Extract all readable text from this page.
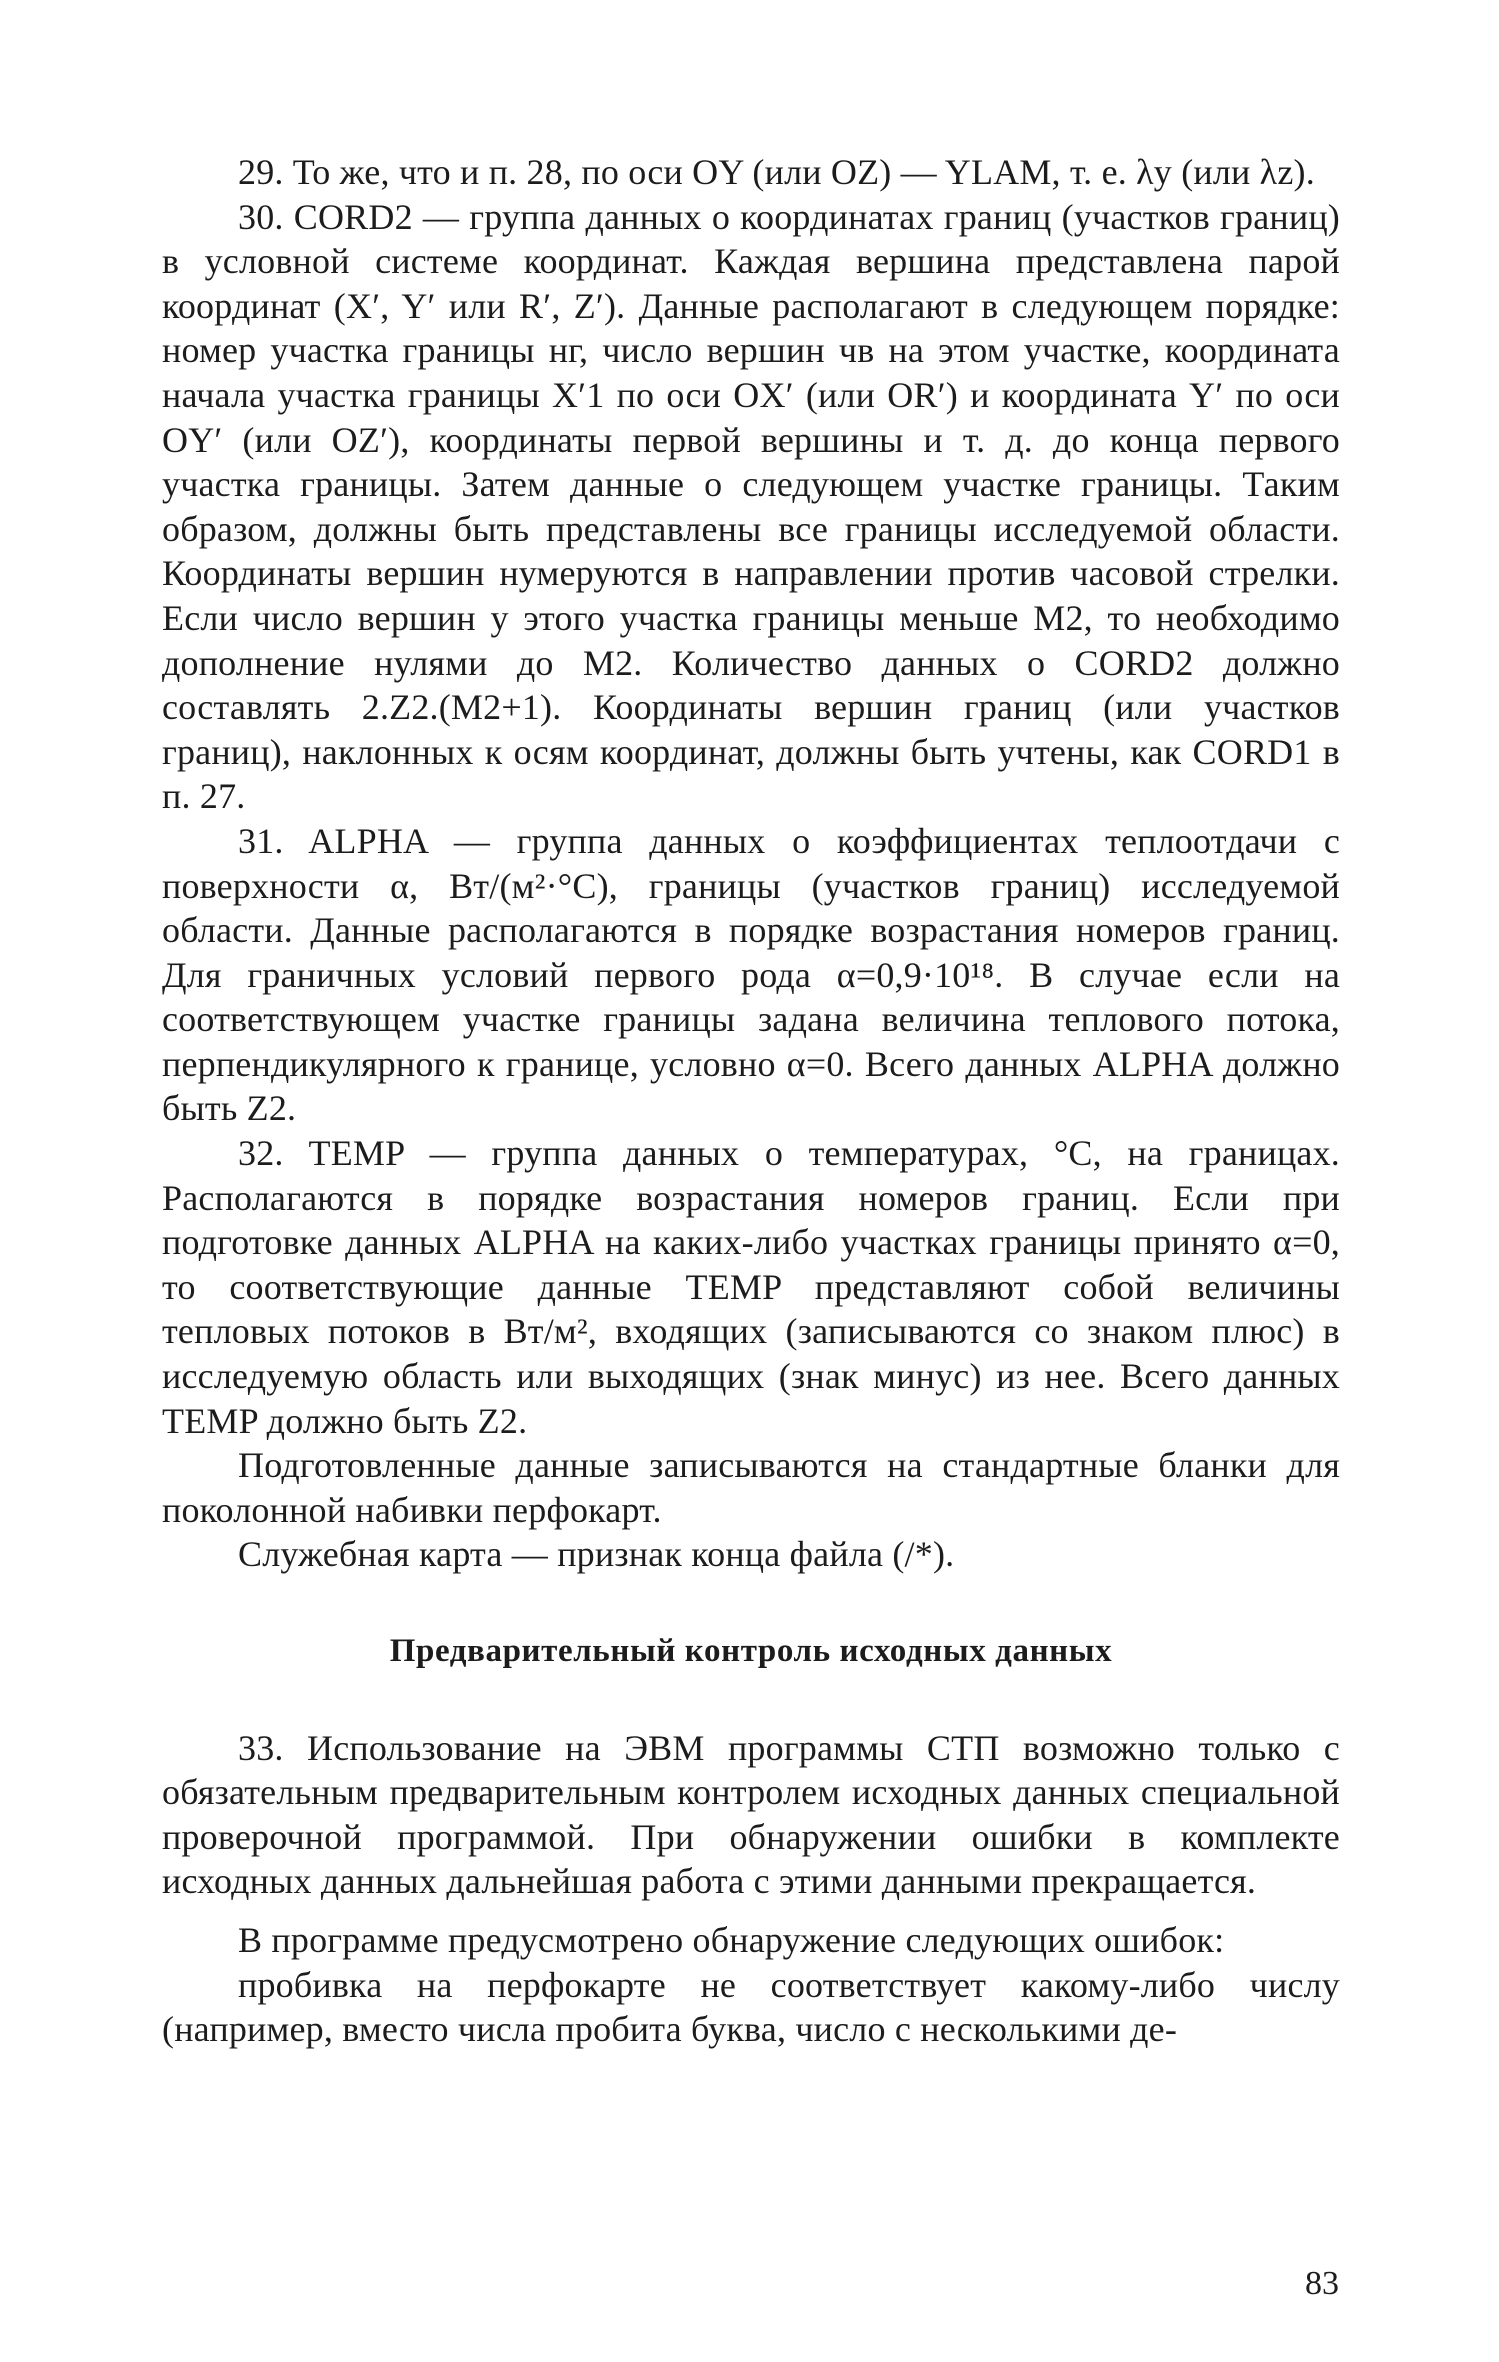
29. То же, что и п. 28, по оси OY (или OZ) — YLAM, т. е. λy (или λz).

30. CORD2 — группа данных о координатах границ (участков границ) в условной системе координат. Каждая вершина представлена парой координат (X′, Y′ или R′, Z′). Данные располагают в следующем порядке: номер участка границы нг, число вершин чв на этом участке, координата начала участка границы X′1 по оси OX′ (или OR′) и координата Y′ по оси OY′ (или OZ′), координаты первой вершины и т. д. до конца первого участка границы. Затем данные о следующем участке границы. Таким образом, должны быть представлены все границы исследуемой области. Координаты вершин нумеруются в направлении против часовой стрелки. Если число вершин у этого участка границы меньше M2, то необходимо дополнение нулями до M2. Количество данных о CORD2 должно составлять 2.Z2.(M2+1). Координаты вершин границ (или участков границ), наклонных к осям координат, должны быть учтены, как CORD1 в п. 27.

31. ALPHA — группа данных о коэффициентах теплоотдачи с поверхности α, Вт/(м²·°C), границы (участков границ) исследуемой области. Данные располагаются в порядке возрастания номеров границ. Для граничных условий первого рода α=0,9·10¹⁸. В случае если на соответствующем участке границы задана величина теплового потока, перпендикулярного к границе, условно α=0. Всего данных ALPHA должно быть Z2.

32. TEMP — группа данных о температурах, °C, на границах. Располагаются в порядке возрастания номеров границ. Если при подготовке данных ALPHA на каких-либо участках границы принято α=0, то соответствующие данные TEMP представляют собой величины тепловых потоков в Вт/м², входящих (записываются со знаком плюс) в исследуемую область или выходящих (знак минус) из нее. Всего данных TEMP должно быть Z2.

Подготовленные данные записываются на стандартные бланки для поколонной набивки перфокарт.

Служебная карта — признак конца файла (/*).

Предварительный контроль исходных данных

33. Использование на ЭВМ программы СТП возможно только с обязательным предварительным контролем исходных данных специальной проверочной программой. При обнаружении ошибки в комплекте исходных данных дальнейшая работа с этими данными прекращается.

В программе предусмотрено обнаружение следующих ошибок:

пробивка на перфокарте не соответствует какому-либо числу (например, вместо числа пробита буква, число с несколькими де-

83
